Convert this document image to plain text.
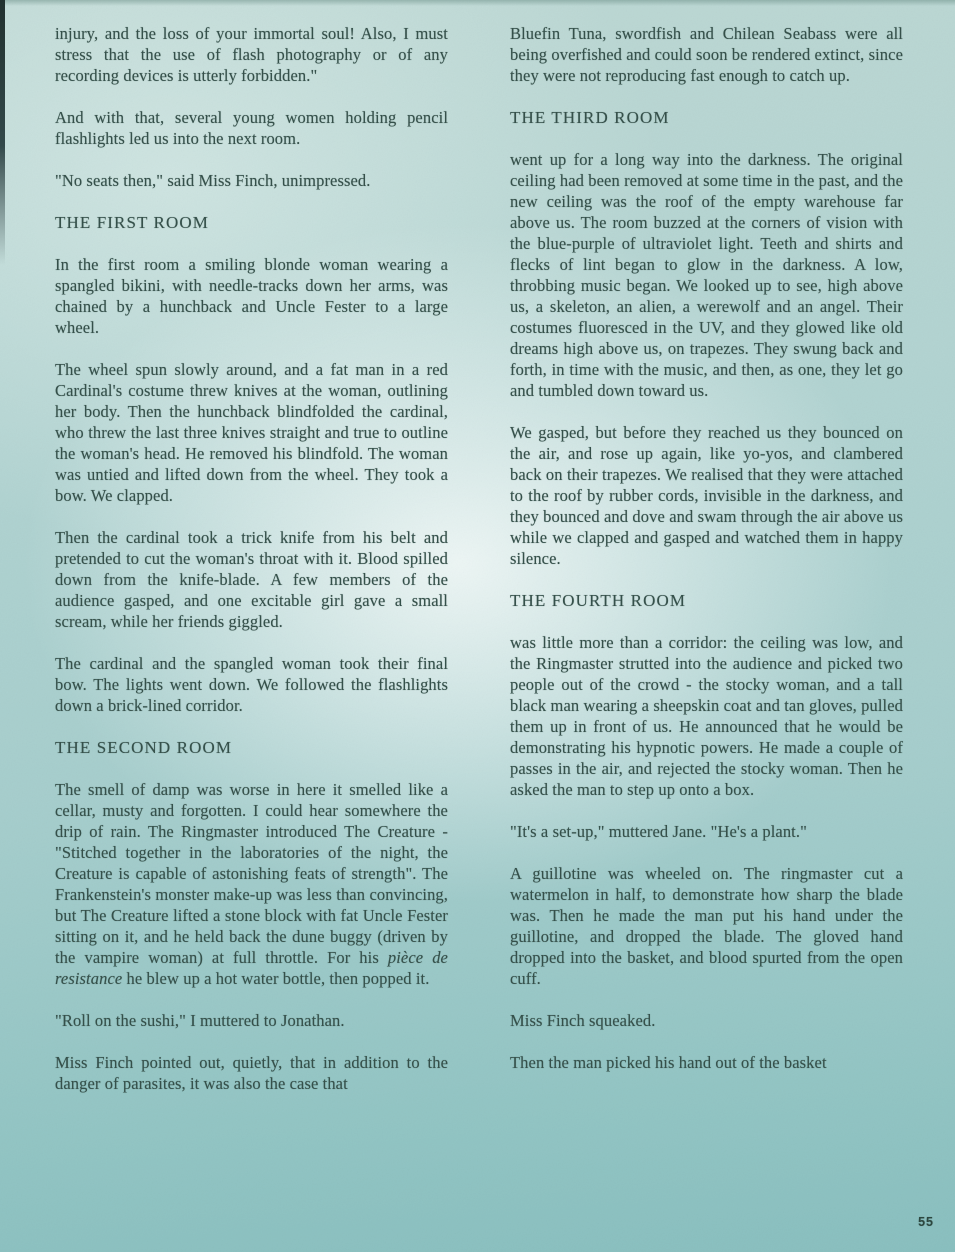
injury, and the loss of your immortal soul! Also, I must stress that the use of flash photography or of any recording devices is utterly forbidden."

And with that, several young women holding pencil flashlights led us into the next room.

"No seats then," said Miss Finch, unimpressed.

THE FIRST ROOM

In the first room a smiling blonde woman wearing a spangled bikini, with needle-tracks down her arms, was chained by a hunchback and Uncle Fester to a large wheel.

The wheel spun slowly around, and a fat man in a red Cardinal's costume threw knives at the woman, outlining her body. Then the hunchback blindfolded the cardinal, who threw the last three knives straight and true to outline the woman's head. He removed his blindfold. The woman was untied and lifted down from the wheel. They took a bow. We clapped.

Then the cardinal took a trick knife from his belt and pretended to cut the woman's throat with it. Blood spilled down from the knife-blade. A few members of the audience gasped, and one excitable girl gave a small scream, while her friends giggled.

The cardinal and the spangled woman took their final bow. The lights went down. We followed the flashlights down a brick-lined corridor.

THE SECOND ROOM

The smell of damp was worse in here it smelled like a cellar, musty and forgotten. I could hear somewhere the drip of rain. The Ringmaster introduced The Creature - "Stitched together in the laboratories of the night, the Creature is capable of astonishing feats of strength". The Frankenstein's monster make-up was less than convincing, but The Creature lifted a stone block with fat Uncle Fester sitting on it, and he held back the dune buggy (driven by the vampire woman) at full throttle. For his pièce de resistance he blew up a hot water bottle, then popped it.

"Roll on the sushi," I muttered to Jonathan.

Miss Finch pointed out, quietly, that in addition to the danger of parasites, it was also the case that

Bluefin Tuna, swordfish and Chilean Seabass were all being overfished and could soon be rendered extinct, since they were not reproducing fast enough to catch up.

THE THIRD ROOM

went up for a long way into the darkness. The original ceiling had been removed at some time in the past, and the new ceiling was the roof of the empty warehouse far above us. The room buzzed at the corners of vision with the blue-purple of ultraviolet light. Teeth and shirts and flecks of lint began to glow in the darkness. A low, throbbing music began. We looked up to see, high above us, a skeleton, an alien, a werewolf and an angel. Their costumes fluoresced in the UV, and they glowed like old dreams high above us, on trapezes. They swung back and forth, in time with the music, and then, as one, they let go and tumbled down toward us.

We gasped, but before they reached us they bounced on the air, and rose up again, like yo-yos, and clambered back on their trapezes. We realised that they were attached to the roof by rubber cords, invisible in the darkness, and they bounced and dove and swam through the air above us while we clapped and gasped and watched them in happy silence.

THE FOURTH ROOM

was little more than a corridor: the ceiling was low, and the Ringmaster strutted into the audience and picked two people out of the crowd - the stocky woman, and a tall black man wearing a sheepskin coat and tan gloves, pulled them up in front of us. He announced that he would be demonstrating his hypnotic powers. He made a couple of passes in the air, and rejected the stocky woman. Then he asked the man to step up onto a box.

"It's a set-up," muttered Jane. "He's a plant."

A guillotine was wheeled on. The ringmaster cut a watermelon in half, to demonstrate how sharp the blade was. Then he made the man put his hand under the guillotine, and dropped the blade. The gloved hand dropped into the basket, and blood spurted from the open cuff.

Miss Finch squeaked.

Then the man picked his hand out of the basket

55
